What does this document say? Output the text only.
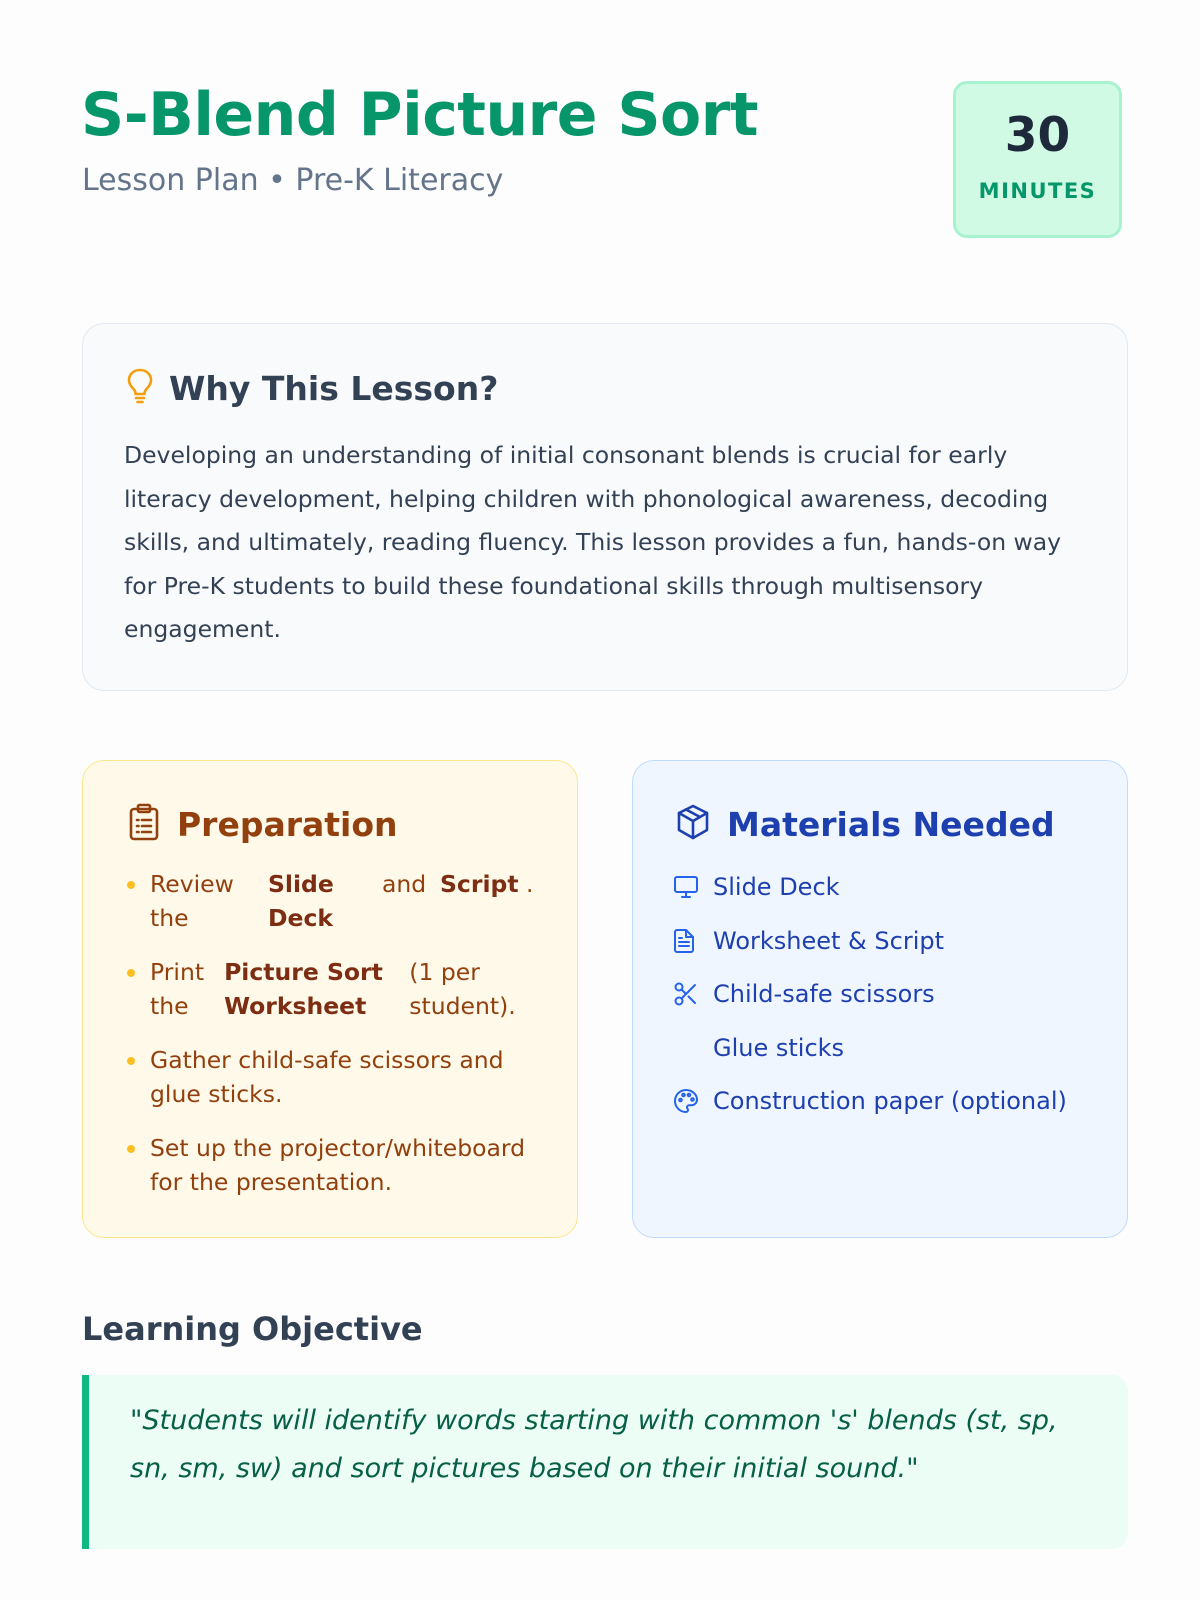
S-Blend Picture Sort

Lesson Plan • Pre-K Literacy

30
MINUTES
Why This Lesson?

Developing an understanding of initial consonant blends is crucial for early literacy development, helping children with phonological awareness, decoding skills, and ultimately, reading fluency. This lesson provides a fun, hands-on way for Pre-K students to build these foundational skills through multisensory engagement.

Preparation
Review the
Slide Deck
and Script .
Print the
Picture Sort Worksheet
(1 per student).
Gather child-safe scissors and glue sticks.
Set up the projector/whiteboard for the presentation.
Materials Needed
Slide Deck
Worksheet & Script
Child-safe scissors
Glue sticks
Construction paper (optional)
Learning Objective

"Students will identify words starting with common 's' blends (st, sp, sn, sm, sw) and sort pictures based on their initial sound."
